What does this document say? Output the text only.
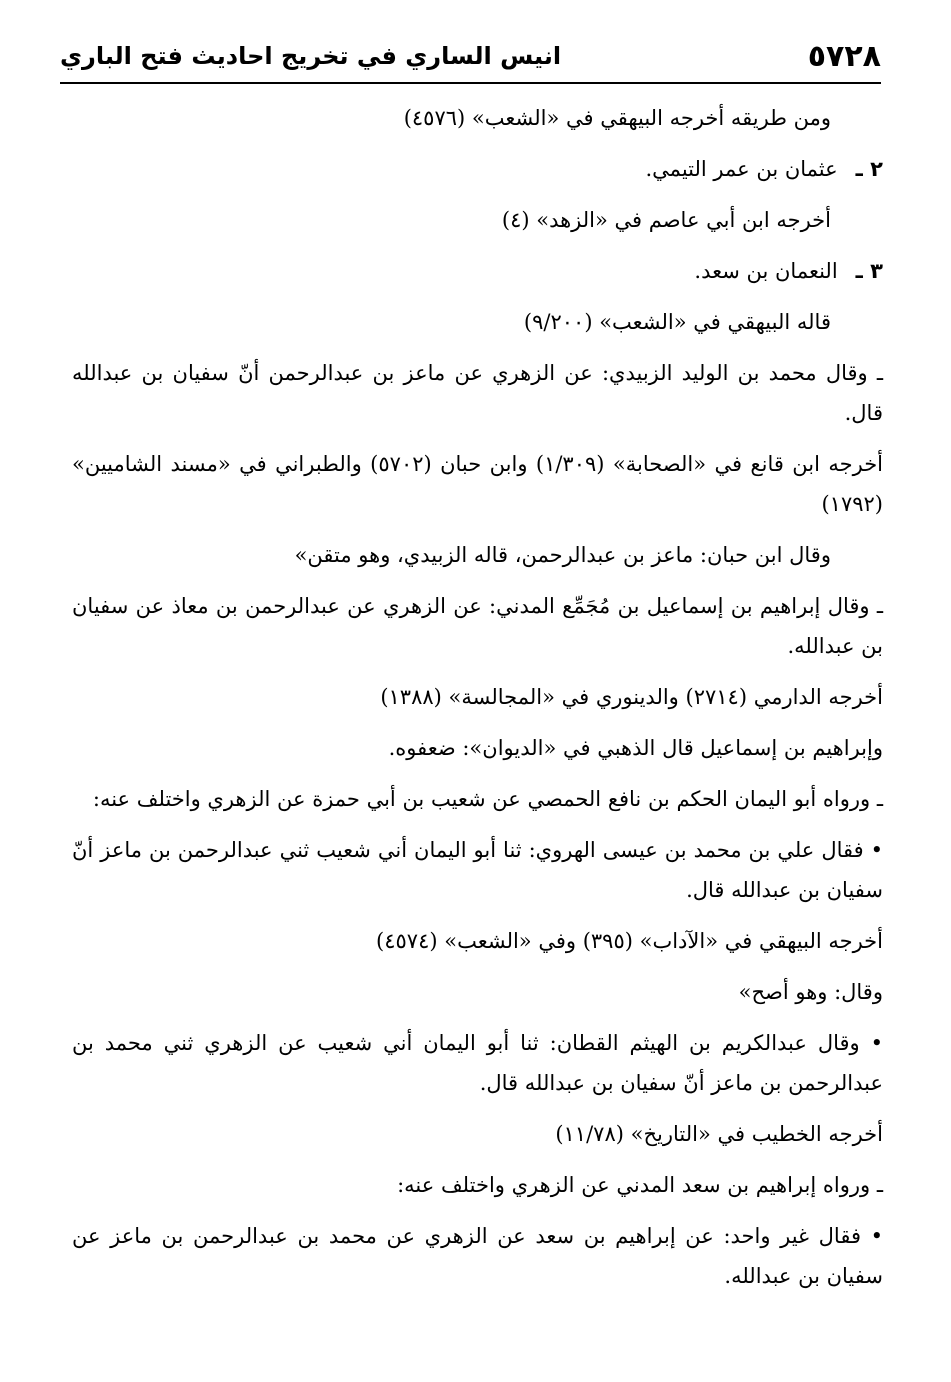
٥٧٢٨
انيس الساري في تخريج احاديث فتح الباري

ومن طريقه أخرجه البيهقي في «الشعب» (٤٥٧٦)

٢ ـ
عثمان بن عمر التيمي.

أخرجه ابن أبي عاصم في «الزهد» (٤)

٣ ـ
النعمان بن سعد.

قاله البيهقي في «الشعب» (٩/٢٠٠)

ـ وقال محمد بن الوليد الزبيدي: عن الزهري عن ماعز بن عبدالرحمن أنّ سفيان بن عبدالله قال.

أخرجه ابن قانع في «الصحابة» (١/٣٠٩) وابن حبان (٥٧٠٢) والطبراني في «مسند الشاميين» (١٧٩٢)

وقال ابن حبان: ماعز بن عبدالرحمن، قاله الزبيدي، وهو متقن»

ـ وقال إبراهيم بن إسماعيل بن مُجَمِّع المدني: عن الزهري عن عبدالرحمن بن معاذ عن سفيان بن عبدالله.

أخرجه الدارمي (٢٧١٤) والدينوري في «المجالسة» (١٣٨٨)

وإبراهيم بن إسماعيل قال الذهبي في «الديوان»: ضعفوه.

ـ ورواه أبو اليمان الحكم بن نافع الحمصي عن شعيب بن أبي حمزة عن الزهري واختلف عنه:

• فقال علي بن محمد بن عيسى الهروي: ثنا أبو اليمان أني شعيب ثني عبدالرحمن بن ماعز أنّ سفيان بن عبدالله قال.

أخرجه البيهقي في «الآداب» (٣٩٥) وفي «الشعب» (٤٥٧٤)

وقال: وهو أصح»

• وقال عبدالكريم بن الهيثم القطان: ثنا أبو اليمان أني شعيب عن الزهري ثني محمد بن عبدالرحمن بن ماعز أنّ سفيان بن عبدالله قال.

أخرجه الخطيب في «التاريخ» (١١/٧٨)

ـ ورواه إبراهيم بن سعد المدني عن الزهري واختلف عنه:

• فقال غير واحد: عن إبراهيم بن سعد عن الزهري عن محمد بن عبدالرحمن بن ماعز عن سفيان بن عبدالله.
